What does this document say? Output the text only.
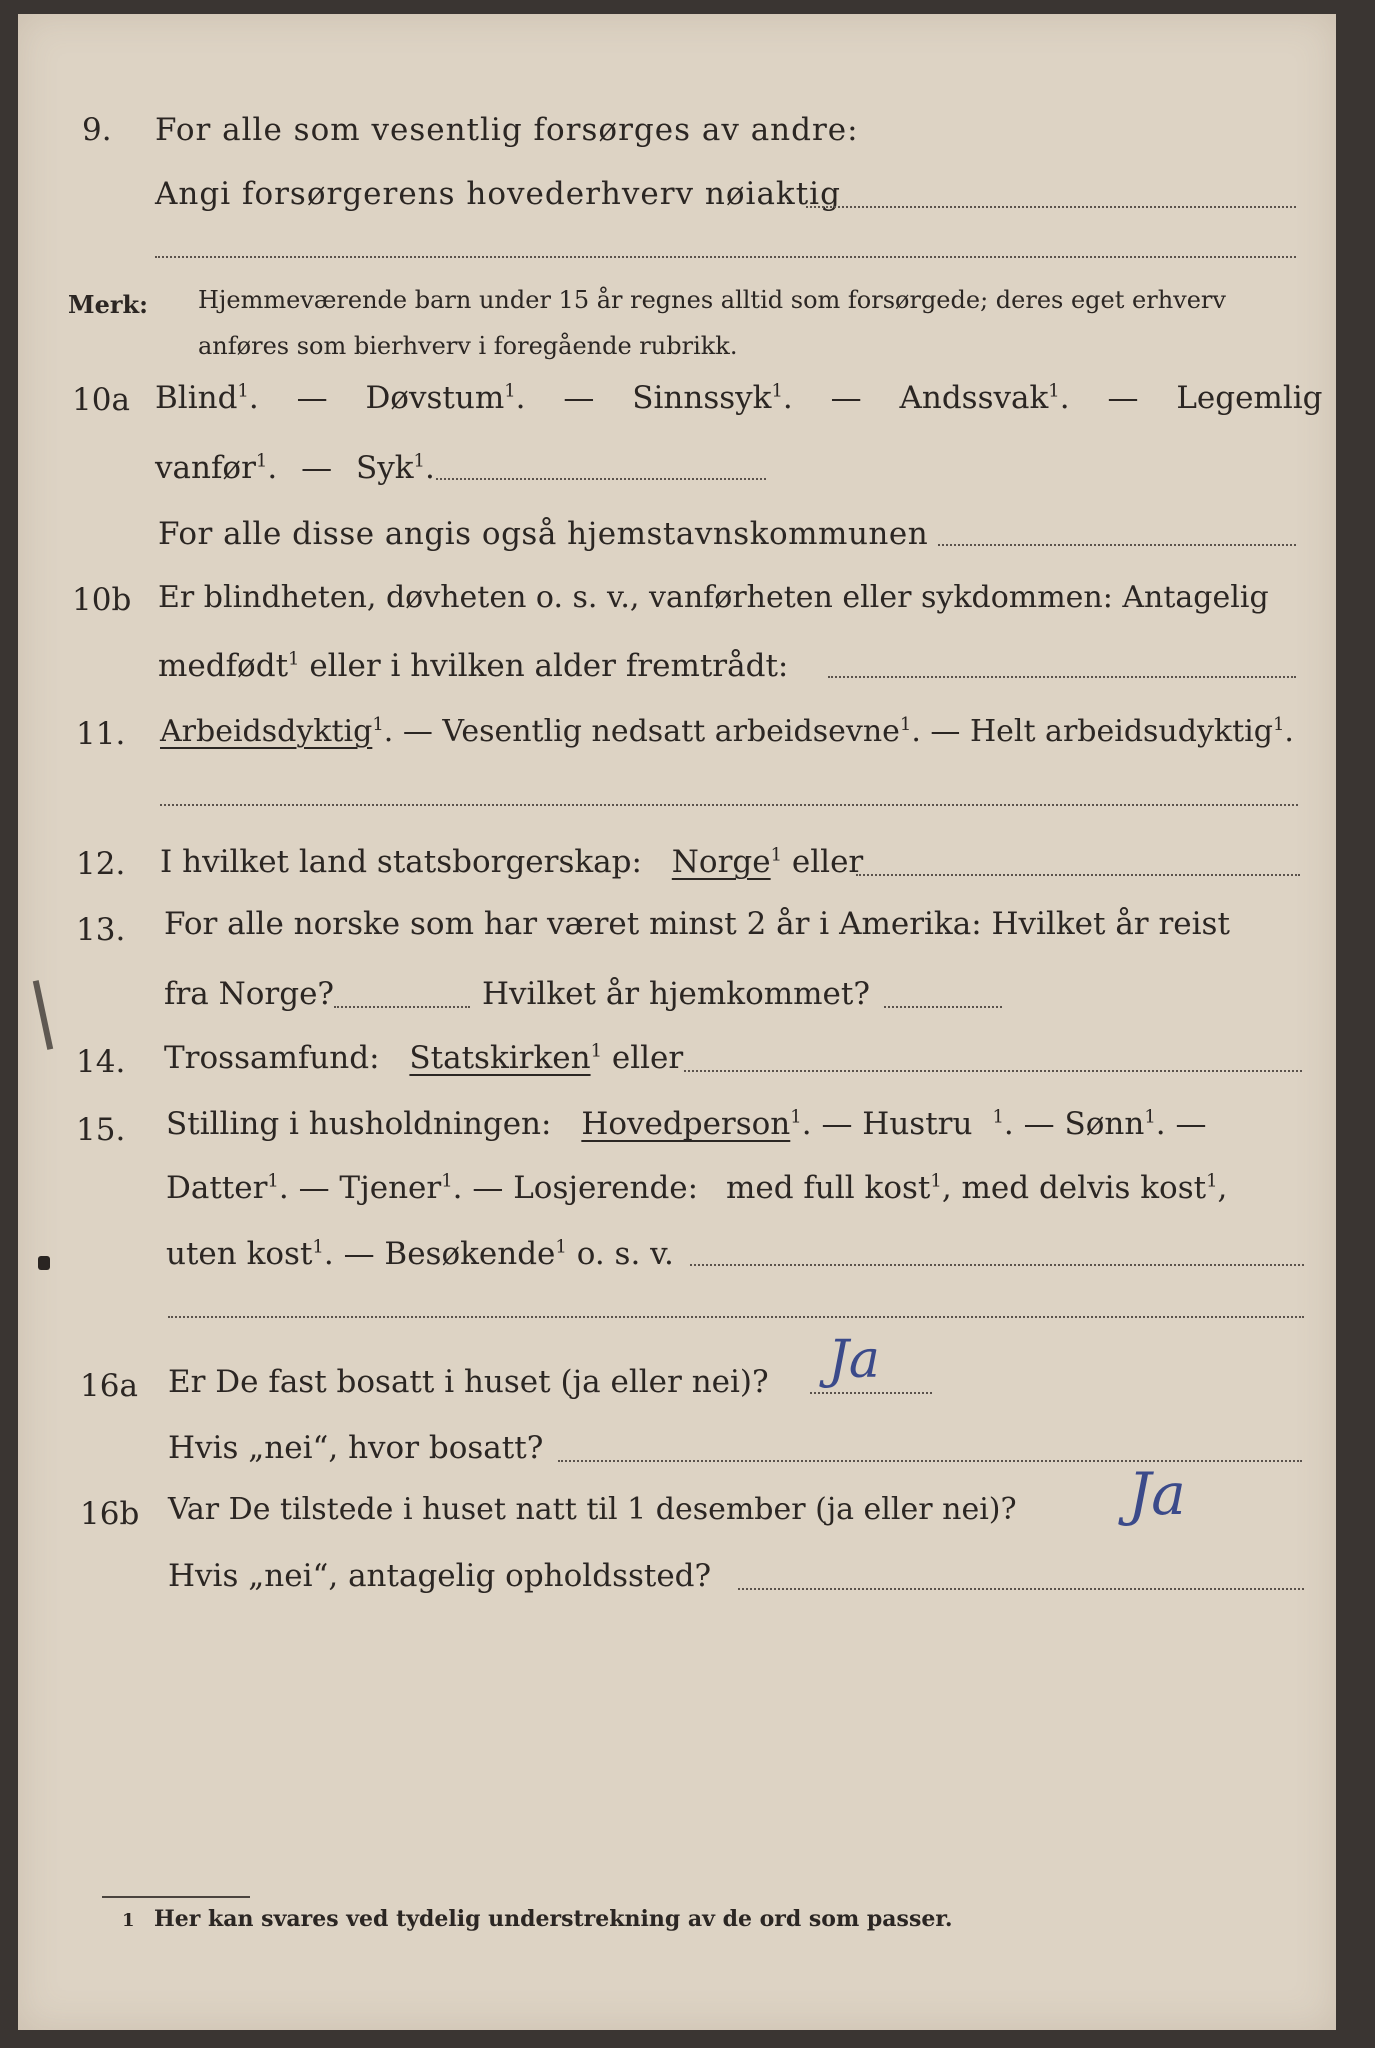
9. For alle som vesentlig forsørges av andre:
Angi forsørgerens hovederhverv nøiaktig
Merk: Hjemmeværende barn under 15 år regnes alltid som forsørgede; deres eget erhverv
anføres som bierhverv i foregående rubrikk.
10a Blind$^1$. — Døvstum$^1$. — Sinnssyk$^1$. — Andssvak$^1$. — Legemlig
vanfør$^1$. — Syk$^1$.
For alle disse angis også hjemstavnskommunen
10b Er blindheten, døvheten o. s. v., vanførheten eller sykdommen: Antagelig
medfødt$^1$ eller i hvilken alder fremtrådt:
11. Arbeidsdyktig$^1$. — Vesentlig nedsatt arbeidsevne$^1$. — Helt arbeidsudyktig$^1$.
12. I hvilket land statsborgerskap: Norge$^1$ eller
13. For alle norske som har været minst 2 år i Amerika: Hvilket år reist
fra Norge?	Hvilket år hjemkommet?
14. Trossamfund: Statskirken$^1$ eller
15. Stilling i husholdningen: Hovedperson$^1$. — Hustru $^1$. — Sønn$^1$. —
Datter$^1$. — Tjener$^1$. — Losjerende: med full kost$^1$, med delvis kost$^1$,
uten kost$^1$. — Besøkende$^1$ o. s. v.
16a Er De fast bosatt i huset (ja eller nei)? Ja
Hvis „nei“, hvor bosatt?
16b Var De tilstede i huset natt til 1 desember (ja eller nei)? Ja
Hvis „nei“, antagelig opholdssted?
1 Her kan svares ved tydelig understrekning av de ord som passer.
